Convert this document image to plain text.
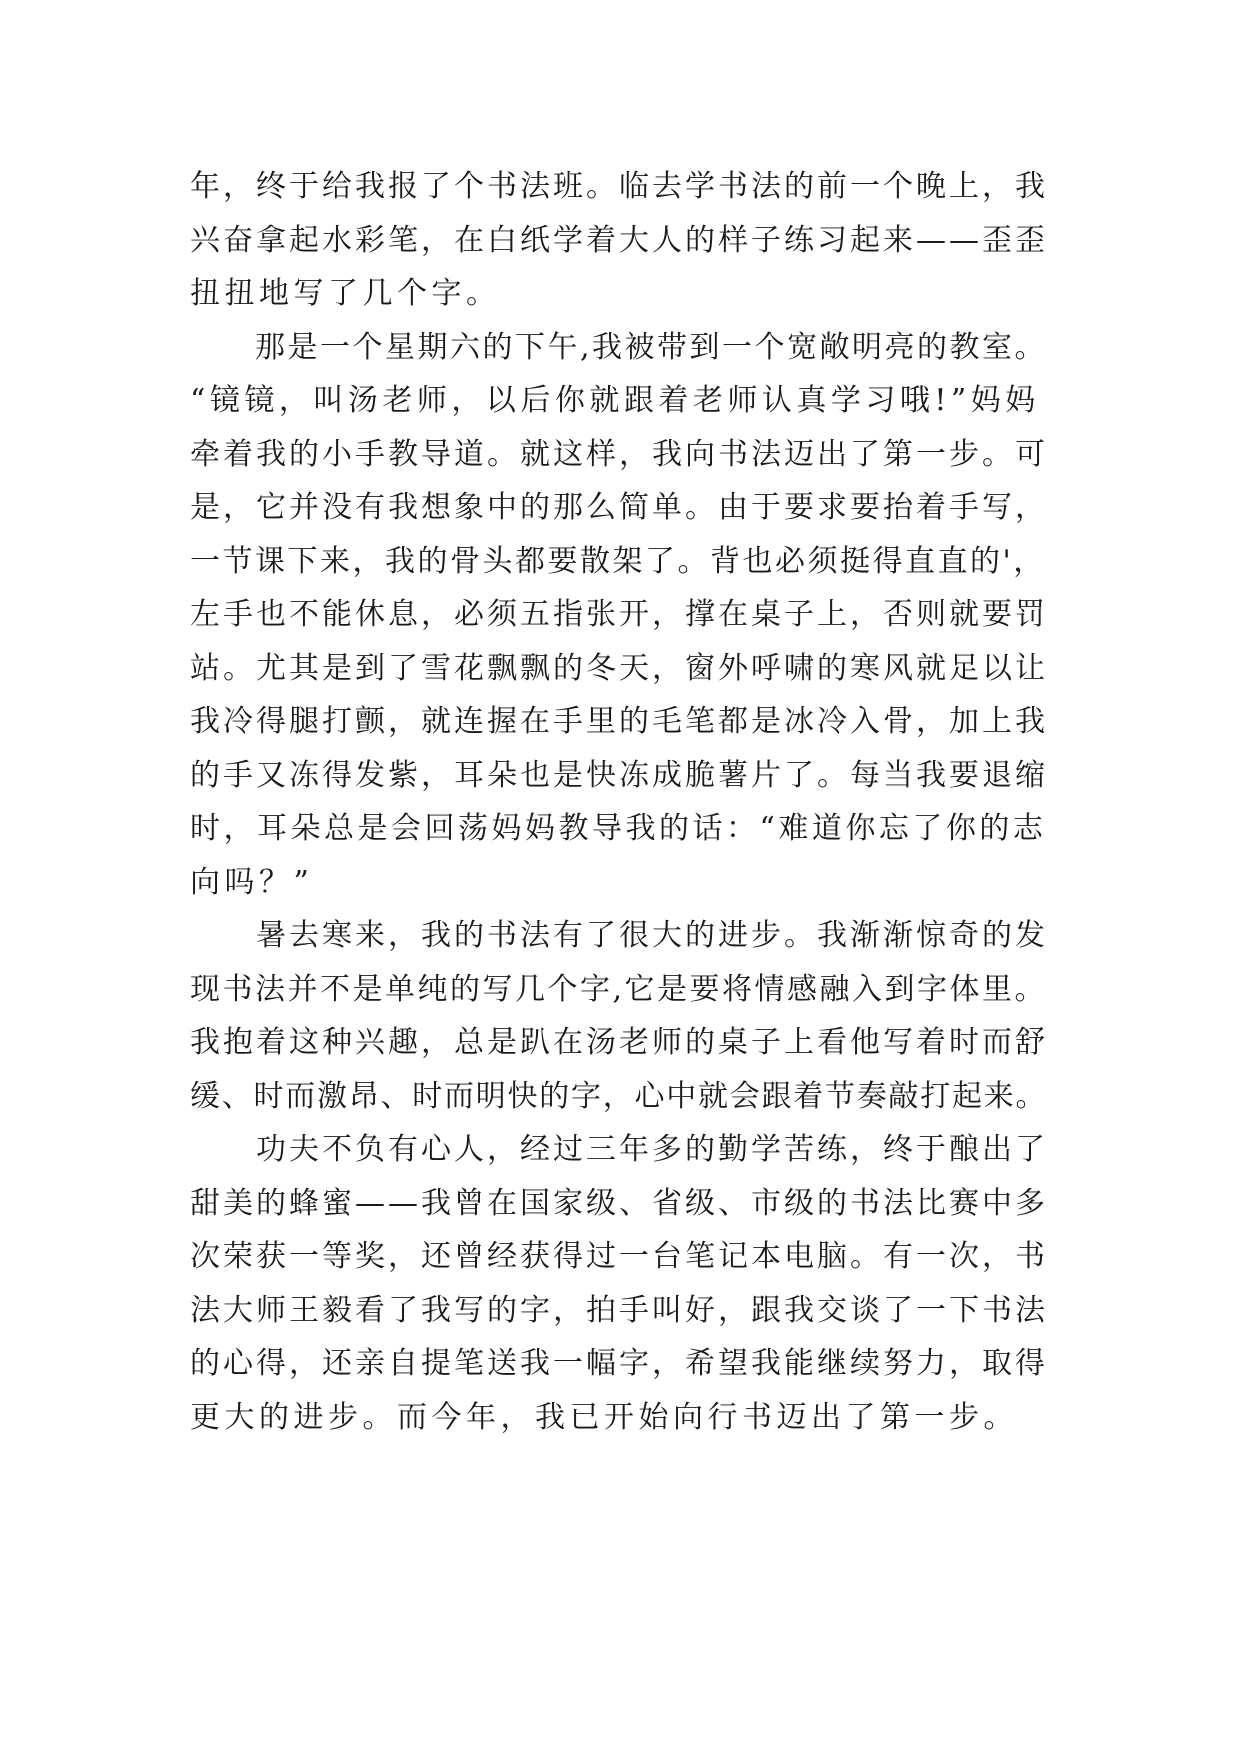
年，终于给我报了个书法班。临去学书法的前一个晚上，我
兴奋拿起水彩笔，在白纸学着大人的样子练习起来——歪歪
扭扭地写了几个字。
　　那是一个星期六的下午,我被带到一个宽敞明亮的教室。
“镜镜，叫汤老师，以后你就跟着老师认真学习哦!”妈妈
牵着我的小手教导道。就这样，我向书法迈出了第一步。可
是，它并没有我想象中的那么简单。由于要求要抬着手写，
一节课下来，我的骨头都要散架了。背也必须挺得直直的'，
左手也不能休息，必须五指张开，撑在桌子上，否则就要罚
站。尤其是到了雪花飘飘的冬天，窗外呼啸的寒风就足以让
我冷得腿打颤，就连握在手里的毛笔都是冰冷入骨，加上我
的手又冻得发紫，耳朵也是快冻成脆薯片了。每当我要退缩
时，耳朵总是会回荡妈妈教导我的话：“难道你忘了你的志
向吗？”
　　暑去寒来，我的书法有了很大的进步。我渐渐惊奇的发
现书法并不是单纯的写几个字,它是要将情感融入到字体里。
我抱着这种兴趣，总是趴在汤老师的桌子上看他写着时而舒
缓、时而激昂、时而明快的字，心中就会跟着节奏敲打起来。
　　功夫不负有心人，经过三年多的勤学苦练，终于酿出了
甜美的蜂蜜——我曾在国家级、省级、市级的书法比赛中多
次荣获一等奖，还曾经获得过一台笔记本电脑。有一次，书
法大师王毅看了我写的字，拍手叫好，跟我交谈了一下书法
的心得，还亲自提笔送我一幅字，希望我能继续努力，取得
更大的进步。而今年，我已开始向行书迈出了第一步。
